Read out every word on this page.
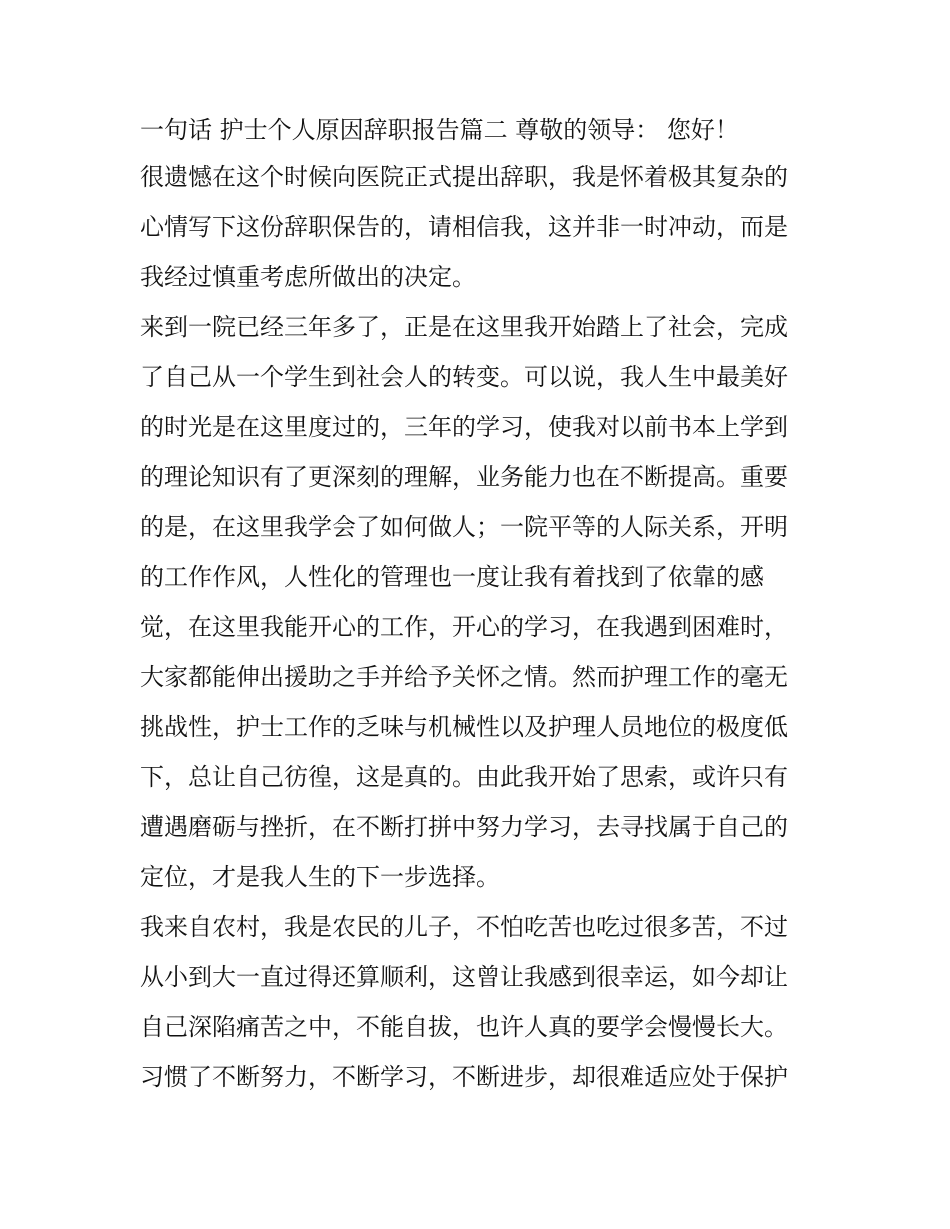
一句话 护士个人原因辞职报告篇二 尊敬的领导： 您好！
很遗憾在这个时候向医院正式提出辞职，我是怀着极其复杂的
心情写下这份辞职保告的，请相信我，这并非一时冲动，而是
我经过慎重考虑所做出的决定。
来到一院已经三年多了，正是在这里我开始踏上了社会，完成
了自己从一个学生到社会人的转变。可以说，我人生中最美好
的时光是在这里度过的，三年的学习，使我对以前书本上学到
的理论知识有了更深刻的理解，业务能力也在不断提高。重要
的是，在这里我学会了如何做人；一院平等的人际关系，开明
的工作作风，人性化的管理也一度让我有着找到了依靠的感
觉，在这里我能开心的工作，开心的学习，在我遇到困难时，
大家都能伸出援助之手并给予关怀之情。然而护理工作的毫无
挑战性，护士工作的乏味与机械性以及护理人员地位的极度低
下，总让自己彷徨，这是真的。由此我开始了思索，或许只有
遭遇磨砺与挫折，在不断打拼中努力学习，去寻找属于自己的
定位，才是我人生的下一步选择。
我来自农村，我是农民的儿子，不怕吃苦也吃过很多苦，不过
从小到大一直过得还算顺利，这曾让我感到很幸运，如今却让
自己深陷痛苦之中，不能自拔，也许人真的要学会慢慢长大。
习惯了不断努力，不断学习，不断进步，却很难适应处于保护
